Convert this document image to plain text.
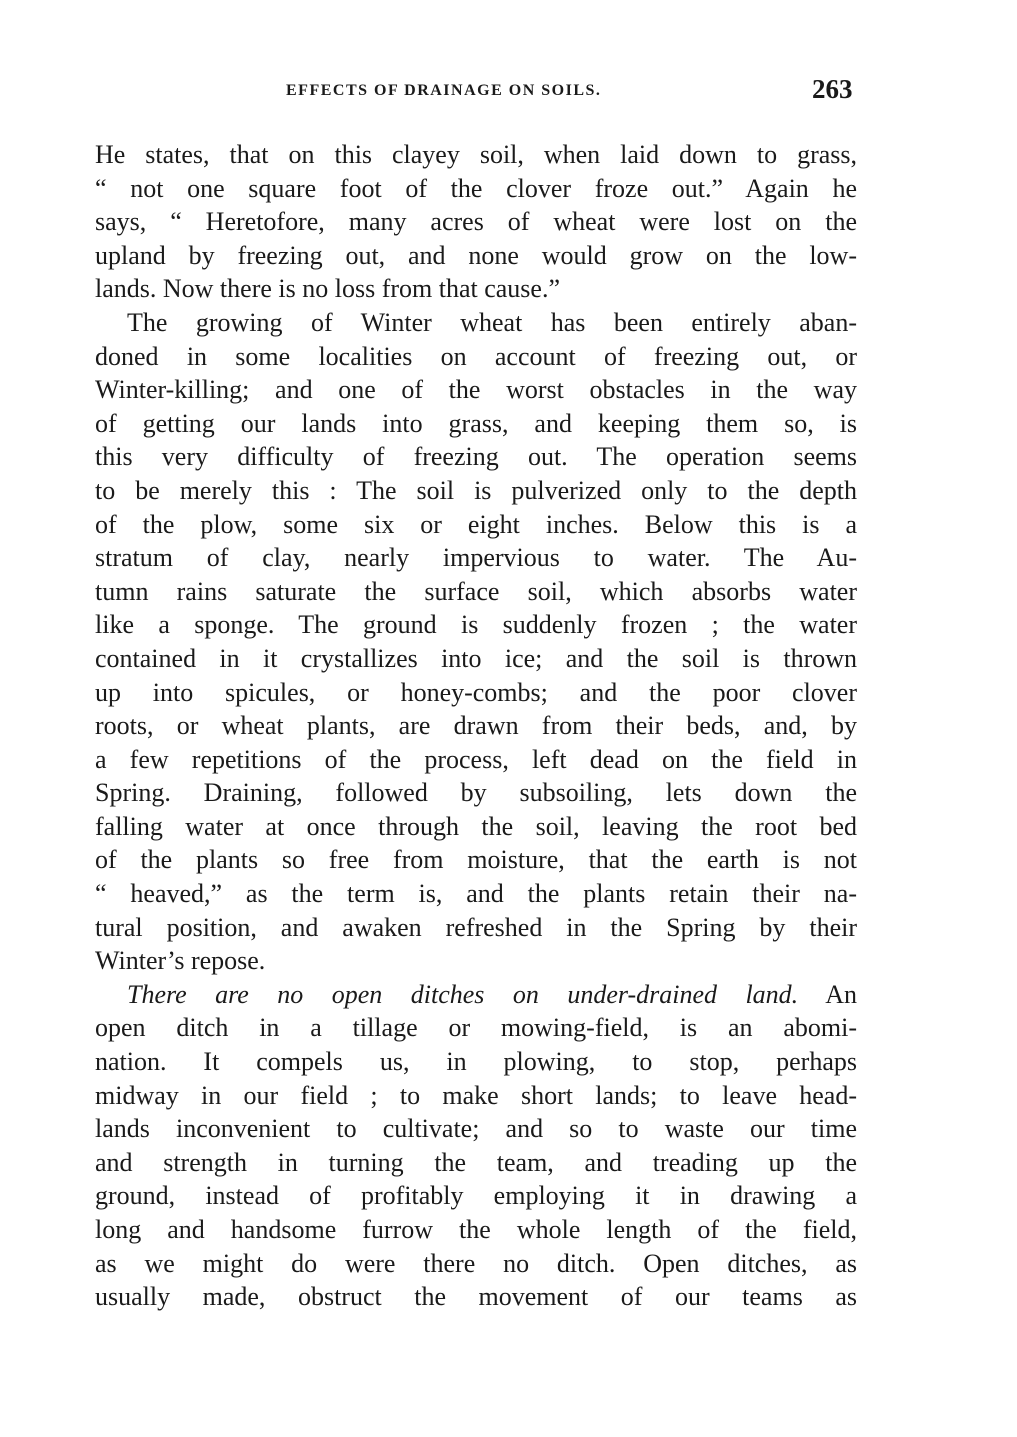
EFFECTS OF DRAINAGE ON SOILS.	263
He states, that on this clayey soil, when laid down to grass,
“ not one square foot of the clover froze out.” Again he
says, “ Heretofore, many acres of wheat were lost on the
upland by freezing out, and none would grow on the low-
lands. Now there is no loss from that cause.”
The growing of Winter wheat has been entirely aban-
doned in some localities on account of freezing out, or
Winter-killing; and one of the worst obstacles in the way
of getting our lands into grass, and keeping them so, is
this very difficulty of freezing out. The operation seems
to be merely this : The soil is pulverized only to the depth
of the plow, some six or eight inches. Below this is a
stratum of clay, nearly impervious to water. The Au-
tumn rains saturate the surface soil, which absorbs water
like a sponge. The ground is suddenly frozen ; the water
contained in it crystallizes into ice; and the soil is thrown
up into spicules, or honey-combs; and the poor clover
roots, or wheat plants, are drawn from their beds, and, by
a few repetitions of the process, left dead on the field in
Spring. Draining, followed by subsoiling, lets down the
falling water at once through the soil, leaving the root bed
of the plants so free from moisture, that the earth is not
“ heaved,” as the term is, and the plants retain their na-
tural position, and awaken refreshed in the Spring by their
Winter’s repose.
There are no open ditches on under-drained land. An
open ditch in a tillage or mowing-field, is an abomi-
nation. It compels us, in plowing, to stop, perhaps
midway in our field ; to make short lands; to leave head-
lands inconvenient to cultivate; and so to waste our time
and strength in turning the team, and treading up the
ground, instead of profitably employing it in drawing a
long and handsome furrow the whole length of the field,
as we might do were there no ditch. Open ditches, as
usually made, obstruct the movement of our teams as
